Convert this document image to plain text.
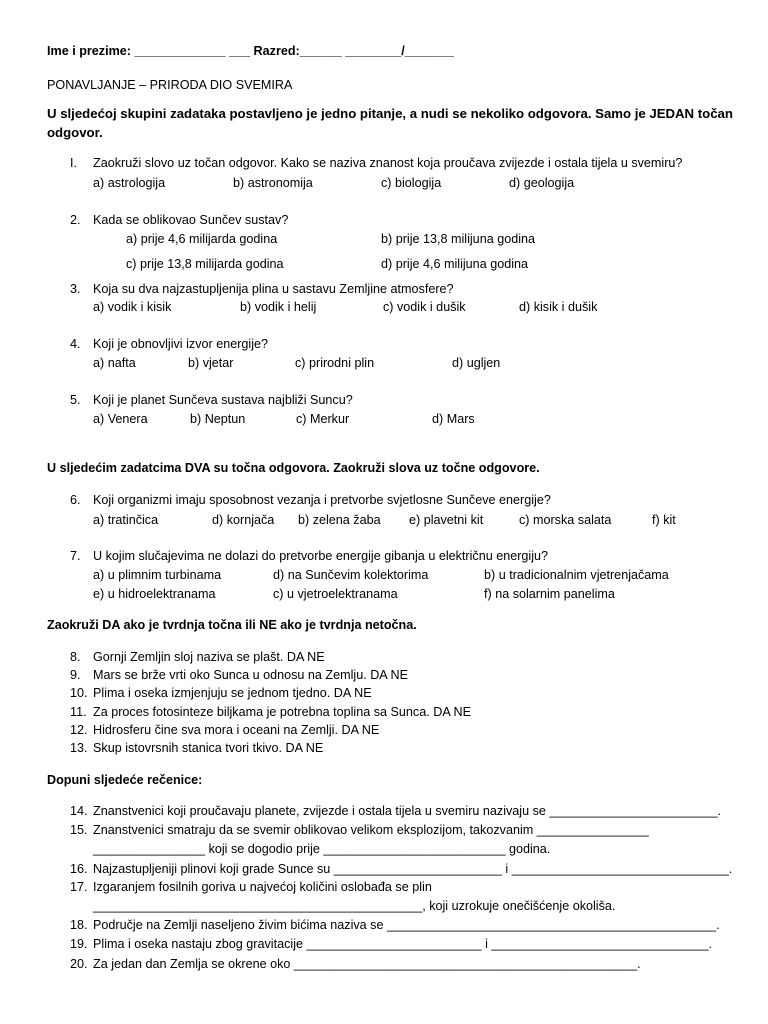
Ime i prezime: _____________ ___ Razred:______ ________/_______
PONAVLJANJE – PRIRODA DIO SVEMIRA
U sljedećoj skupini zadataka postavljeno je jedno pitanje, a nudi se nekoliko odgovora. Samo je JEDAN točan
odgovor.
I. Zaokruži slovo uz točan odgovor. Kako se naziva znanost koja proučava zvijezde i ostala tijela u svemiru?
a) astrologija	b) astronomija	c) biologija	d) geologija
2. Kada se oblikovao Sunčev sustav?
a) prije 4,6 milijarda godina	b) prije 13,8 milijuna godina
c) prije 13,8 milijarda godina	d) prije 4,6 milijuna godina
3. Koja su dva najzastupljenija plina u sastavu Zemljine atmosfere?
a) vodik i kisik	b) vodik i helij	c) vodik i dušik	d) kisik i dušik
4. Koji je obnovljivi izvor energije?
a) nafta	b) vjetar	c) prirodni plin	d) ugljen
5. Koji je planet Sunčeva sustava najbliži Suncu?
a) Venera	b) Neptun	c) Merkur	d) Mars
U sljedećim zadatcima DVA su točna odgovora. Zaokruži slova uz točne odgovore.
6. Koji organizmi imaju sposobnost vezanja i pretvorbe svjetlosne Sunčeve energije?
a) tratinčica	d) kornjača b) zelena žaba e) plavetni kit	c) morska salata	f) kit
7. U kojim slučajevima ne dolazi do pretvorbe energije gibanja u električnu energiju?
a) u plimnim turbinama	d) na Sunčevim kolektorima	b) u tradicionalnim vjetrenjačama
e) u hidroelektranama	c) u vjetroelektranama	f) na solarnim panelima
Zaokruži DA ako je tvrdnja točna ili NE ako je tvrdnja netočna.
8. Gornji Zemljin sloj naziva se plašt. DA NE
9. Mars se brže vrti oko Sunca u odnosu na Zemlju. DA NE
10. Plima i oseka izmjenjuju se jednom tjedno. DA NE
11. Za proces fotosinteze biljkama je potrebna toplina sa Sunca. DA NE
12. Hidrosferu čine sva mora i oceani na Zemlji. DA NE
13. Skup istovrsnih stanica tvori tkivo. DA NE
Dopuni sljedeće rečenice:
14. Znanstvenici koji proučavaju planete, zvijezde i ostala tijela u svemiru nazivaju se ________________________.
15. Znanstvenici smatraju da se svemir oblikovao velikom eksplozijom, takozvanim ________________
________________ koji se dogodio prije __________________________ godina.
16. Najzastupljeniji plinovi koji grade Sunce su ________________________ i _______________________________.
17. Izgaranjem fosilnih goriva u najvećoj količini oslobađa se plin
_______________________________________________, koji uzrokuje onečišćenje okoliša.
18. Područje na Zemlji naseljeno živim bićima naziva se _______________________________________________.
19. Plima i oseka nastaju zbog gravitacije _________________________ i _______________________________.
20. Za jedan dan Zemlja se okrene oko _________________________________________________.
